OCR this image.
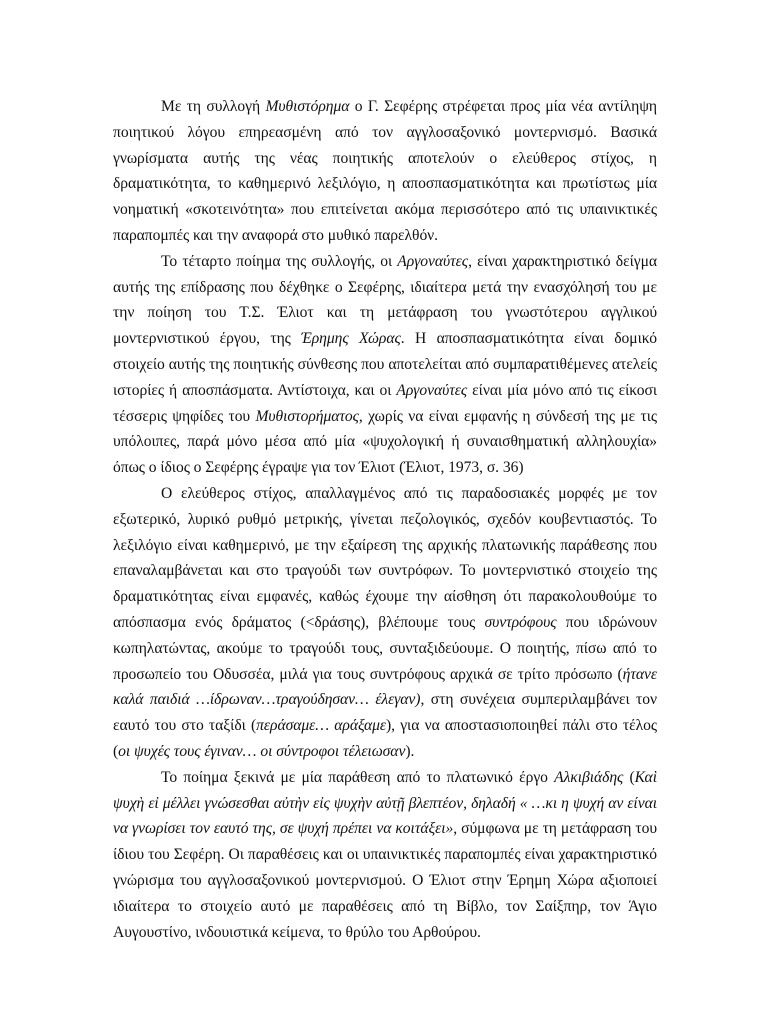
Με τη συλλογή Μυθιστόρημα ο Γ. Σεφέρης στρέφεται προς μία νέα αντίληψη ποιητικού λόγου επηρεασμένη από τον αγγλοσαξονικό μοντερνισμό. Βασικά γνωρίσματα αυτής της νέας ποιητικής αποτελούν ο ελεύθερος στίχος, η δραματικότητα, το καθημερινό λεξιλόγιο, η αποσπασματικότητα και πρωτίστως μία νοηματική «σκοτεινότητα» που επιτείνεται ακόμα περισσότερο από τις υπαινικτικές παραπομπές και την αναφορά στο μυθικό παρελθόν.

Το τέταρτο ποίημα της συλλογής, οι Αργοναύτες, είναι χαρακτηριστικό δείγμα αυτής της επίδρασης που δέχθηκε ο Σεφέρης, ιδιαίτερα μετά την ενασχόλησή του με την ποίηση του Τ.Σ. Έλιοτ και τη μετάφραση του γνωστότερου αγγλικού μοντερνιστικού έργου, της Έρημης Χώρας. Η αποσπασματικότητα είναι δομικό στοιχείο αυτής της ποιητικής σύνθεσης που αποτελείται από συμπαρατιθέμενες ατελείς ιστορίες ή αποσπάσματα. Αντίστοιχα, και οι Αργοναύτες είναι μία μόνο από τις είκοσι τέσσερις ψηφίδες του Μυθιστορήματος, χωρίς να είναι εμφανής η σύνδεσή της με τις υπόλοιπες, παρά μόνο μέσα από μία «ψυχολογική ή συναισθηματική αλληλουχία» όπως ο ίδιος ο Σεφέρης έγραψε για τον Έλιοτ (Έλιοτ, 1973, σ. 36)

Ο ελεύθερος στίχος, απαλλαγμένος από τις παραδοσιακές μορφές με τον εξωτερικό, λυρικό ρυθμό μετρικής, γίνεται πεζολογικός, σχεδόν κουβεντιαστός. Το λεξιλόγιο είναι καθημερινό, με την εξαίρεση της αρχικής πλατωνικής παράθεσης που επαναλαμβάνεται και στο τραγούδι των συντρόφων. Το μοντερνιστικό στοιχείο της δραματικότητας είναι εμφανές, καθώς έχουμε την αίσθηση ότι παρακολουθούμε το απόσπασμα ενός δράματος (<δράσης), βλέπουμε τους συντρόφους που ιδρώνουν κωπηλατώντας, ακούμε το τραγούδι τους, συνταξιδεύουμε. Ο ποιητής, πίσω από το προσωπείο του Οδυσσέα, μιλά για τους συντρόφους αρχικά σε τρίτο πρόσωπο (ήτανε καλά παιδιά …ίδρωναν…τραγούδησαν… έλεγαν), στη συνέχεια συμπεριλαμβάνει τον εαυτό του στο ταξίδι (περάσαμε… αράξαμε), για να αποστασιοποιηθεί πάλι στο τέλος (οι ψυχές τους έγιναν… οι σύντροφοι τέλειωσαν).

Το ποίημα ξεκινά με μία παράθεση από το πλατωνικό έργο Αλκιβιάδης (Καὶ ψυχὴ εἰ μέλλει γνώσεσθαι αὐτὴν εἰς ψυχὴν αὐτῇ βλεπτέον, δηλαδή « …κι η ψυχή αν είναι να γνωρίσει τον εαυτό της, σε ψυχή πρέπει να κοιτάξει», σύμφωνα με τη μετάφραση του ίδιου του Σεφέρη. Οι παραθέσεις και οι υπαινικτικές παραπομπές είναι χαρακτηριστικό γνώρισμα του αγγλοσαξονικού μοντερνισμού. Ο Έλιοτ στην Έρημη Χώρα αξιοποιεί ιδιαίτερα το στοιχείο αυτό με παραθέσεις από τη Βίβλο, τον Σαίξπηρ, τον Άγιο Αυγουστίνο, ινδουιστικά κείμενα, το θρύλο του Αρθούρου.
